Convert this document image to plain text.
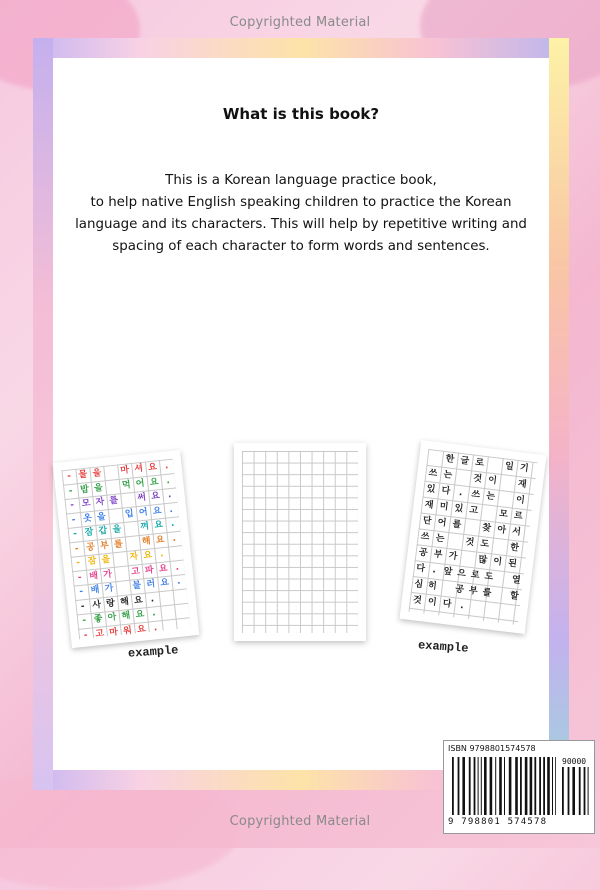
Copyrighted Material
What is this book?
This is a Korean language practice book,
to help native English speaking children to practice the Korean
language and its characters. This will help by repetitive writing and
spacing of each character to form words and sentences.
- 물 을	마 셔 요 .
- 밥 을	먹 어 요 .
- 모 자 를	써 요 .
- 옷 을	입 어 요 .
- 잠 갑 을	껴 요 .
- 공 부 를	해 요 .
- 잠 을	자 요 .
- 배 가	고 파 요 .
- 배 가	불 러 요 .
- 사 랑 해 요 .
- 좋 아 해 요 .
- 고 마 워 요 .
example
한 글 로	일 기
쓰 는	것 이	재
있 다 . 쓰 는	이
재 미 있 고	모 르
단 어 를	찾 아 서
쓰 는	것 도	한
공 부 가	많 이 된
다 . 앞 으 로 도	열
심 히	공 부 를	할
것 이 다 .
example
ISBN 9798801574578
90000
9 798801 574578
Copyrighted Material
